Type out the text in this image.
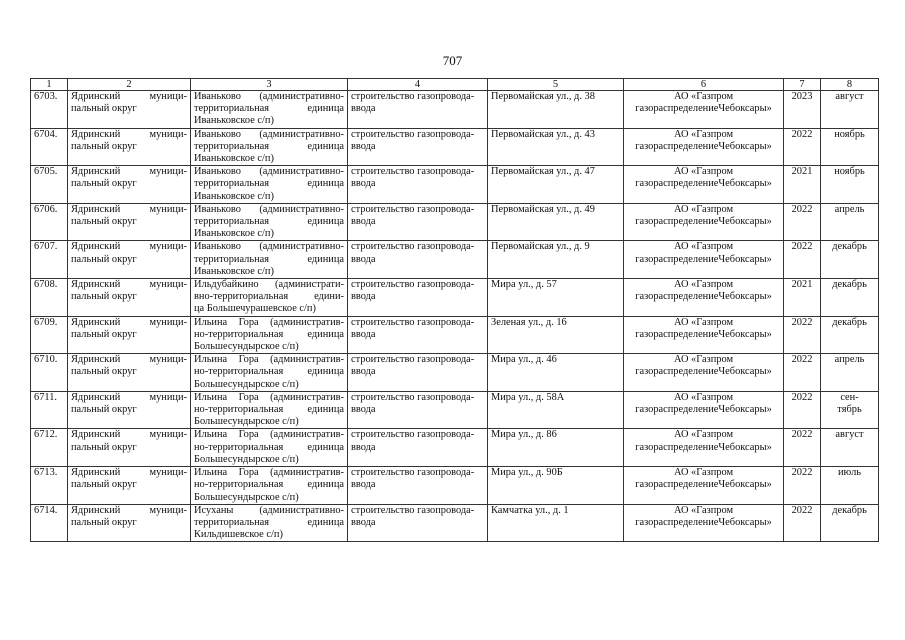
707
1	2	3	4	5	6	7	8
6703.	Ядринский муници-
пальный округ	Иваньково (административно-
территориальная единица
Иваньковское с/п)	строительство газопровода-
ввода	Первомайская ул., д. 38	АО «Газпром газораспределениеЧебоксары»	2023	август
6704.	Ядринский муници-
пальный округ	Иваньково (административно-
территориальная единица
Иваньковское с/п)	строительство газопровода-
ввода	Первомайская ул., д. 43	АО «Газпром газораспределениеЧебоксары»	2022	ноябрь
6705.	Ядринский муници-
пальный округ	Иваньково (административно-
территориальная единица
Иваньковское с/п)	строительство газопровода-
ввода	Первомайская ул., д. 47	АО «Газпром газораспределениеЧебоксары»	2021	ноябрь
6706.	Ядринский муници-
пальный округ	Иваньково (административно-
территориальная единица
Иваньковское с/п)	строительство газопровода-
ввода	Первомайская ул., д. 49	АО «Газпром газораспределениеЧебоксары»	2022	апрель
6707.	Ядринский муници-
пальный округ	Иваньково (административно-
территориальная единица
Иваньковское с/п)	строительство газопровода-
ввода	Первомайская ул., д. 9	АО «Газпром газораспределениеЧебоксары»	2022	декабрь
6708.	Ядринский муници-
пальный округ	Ильдубайкино (администрати-
вно-территориальная едини-
ца Большечурашевское с/п)	строительство газопровода-
ввода	Мира ул., д. 57	АО «Газпром газораспределениеЧебоксары»	2021	декабрь
6709.	Ядринский муници-
пальный округ	Ильина Гора (административ-
но-территориальная единица
Большесундырское с/п)	строительство газопровода-
ввода	Зеленая ул., д. 16	АО «Газпром газораспределениеЧебоксары»	2022	декабрь
6710.	Ядринский муници-
пальный округ	Ильина Гора (административ-
но-территориальная единица
Большесундырское с/п)	строительство газопровода-
ввода	Мира ул., д. 46	АО «Газпром газораспределениеЧебоксары»	2022	апрель
6711.	Ядринский муници-
пальный округ	Ильина Гора (административ-
но-территориальная единица
Большесундырское с/п)	строительство газопровода-
ввода	Мира ул., д. 58А	АО «Газпром газораспределениеЧебоксары»	2022	сен-
тябрь
6712.	Ядринский муници-
пальный округ	Ильина Гора (административ-
но-территориальная единица
Большесундырское с/п)	строительство газопровода-
ввода	Мира ул., д. 86	АО «Газпром газораспределениеЧебоксары»	2022	август
6713.	Ядринский муници-
пальный округ	Ильина Гора (административ-
но-территориальная единица
Большесундырское с/п)	строительство газопровода-
ввода	Мира ул., д. 90Б	АО «Газпром газораспределениеЧебоксары»	2022	июль
6714.	Ядринский муници-
пальный округ	Исуханы (административно-
территориальная единица
Кильдишевское с/п)	строительство газопровода-
ввода	Камчатка ул., д. 1	АО «Газпром газораспределениеЧебоксары»	2022	декабрь
